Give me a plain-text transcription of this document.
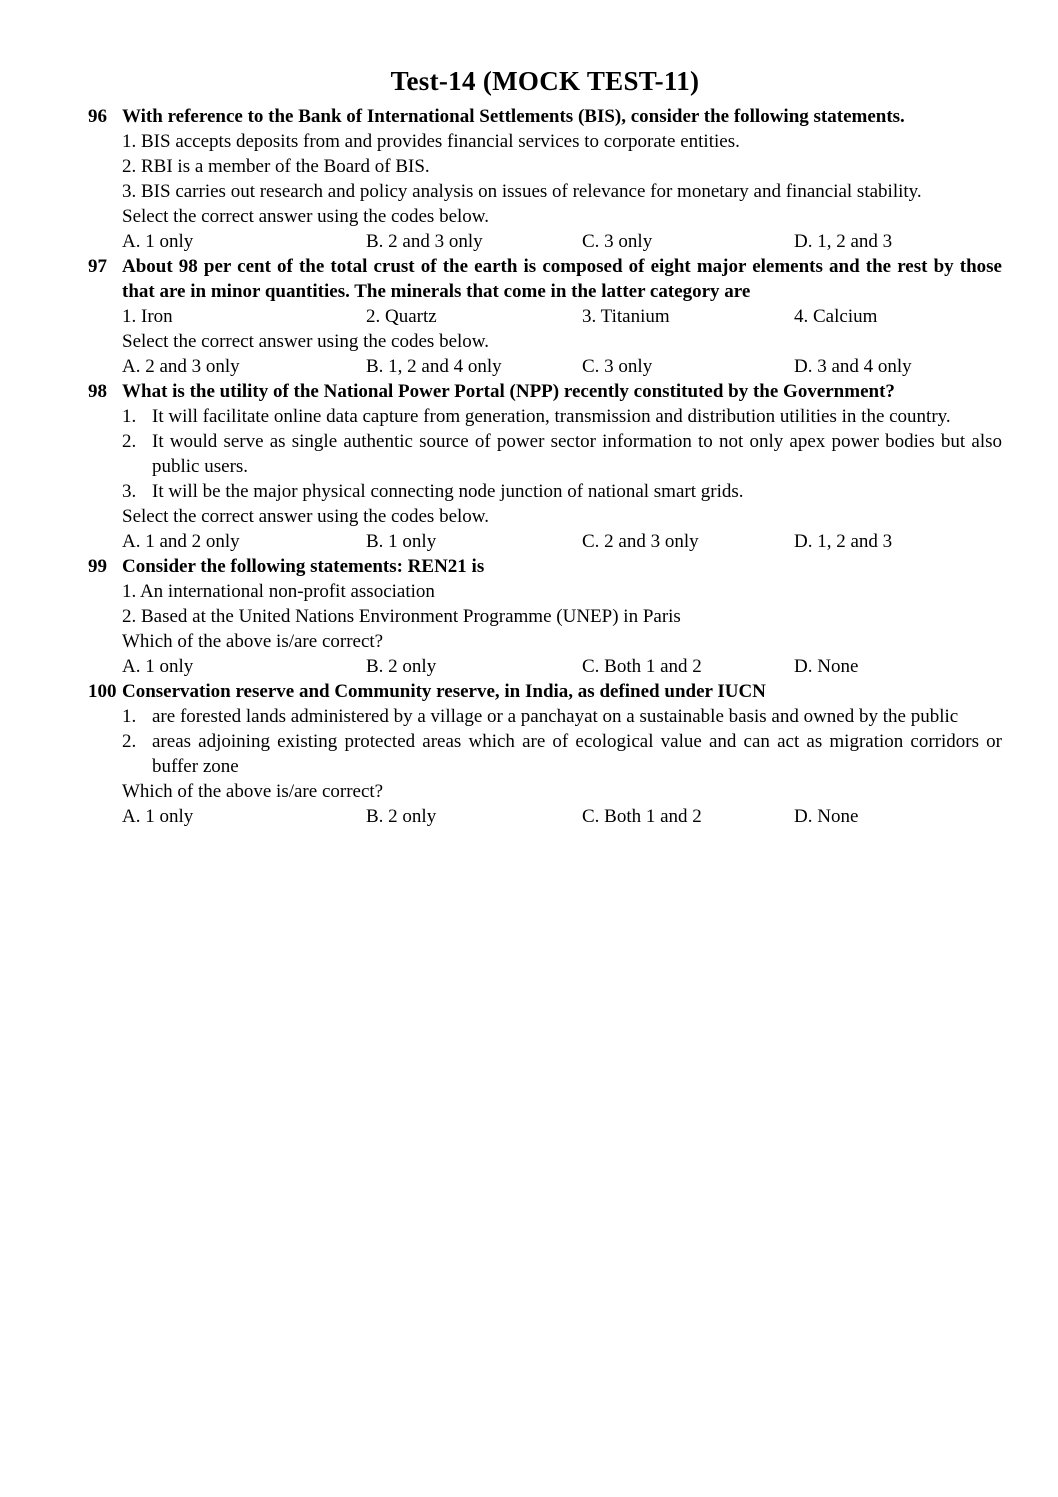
Test-14 (MOCK TEST-11)
96 With reference to the Bank of International Settlements (BIS), consider the following statements.
1. BIS accepts deposits from and provides financial services to corporate entities.
2. RBI is a member of the Board of BIS.
3. BIS carries out research and policy analysis on issues of relevance for monetary and financial stability.
Select the correct answer using the codes below.
A. 1 only	B. 2 and 3 only	C. 3 only	D. 1, 2 and 3
97 About 98 per cent of the total crust of the earth is composed of eight major elements and the rest by those that are in minor quantities. The minerals that come in the latter category are
1. Iron	2. Quartz	3. Titanium	4. Calcium
Select the correct answer using the codes below.
A. 2 and 3 only	B. 1, 2 and 4 only	C. 3 only	D. 3 and 4 only
98 What is the utility of the National Power Portal (NPP) recently constituted by the Government?
1. It will facilitate online data capture from generation, transmission and distribution utilities in the country.
2. It would serve as single authentic source of power sector information to not only apex power bodies but also public users.
3. It will be the major physical connecting node junction of national smart grids.
Select the correct answer using the codes below.
A. 1 and 2 only	B. 1 only	C. 2 and 3 only	D. 1, 2 and 3
99 Consider the following statements: REN21 is
1. An international non-profit association
2. Based at the United Nations Environment Programme (UNEP) in Paris
Which of the above is/are correct?
A. 1 only	B. 2 only	C. Both 1 and 2	D. None
100 Conservation reserve and Community reserve, in India, as defined under IUCN
1. are forested lands administered by a village or a panchayat on a sustainable basis and owned by the public
2. areas adjoining existing protected areas which are of ecological value and can act as migration corridors or buffer zone
Which of the above is/are correct?
A. 1 only	B. 2 only	C. Both 1 and 2	D. None
